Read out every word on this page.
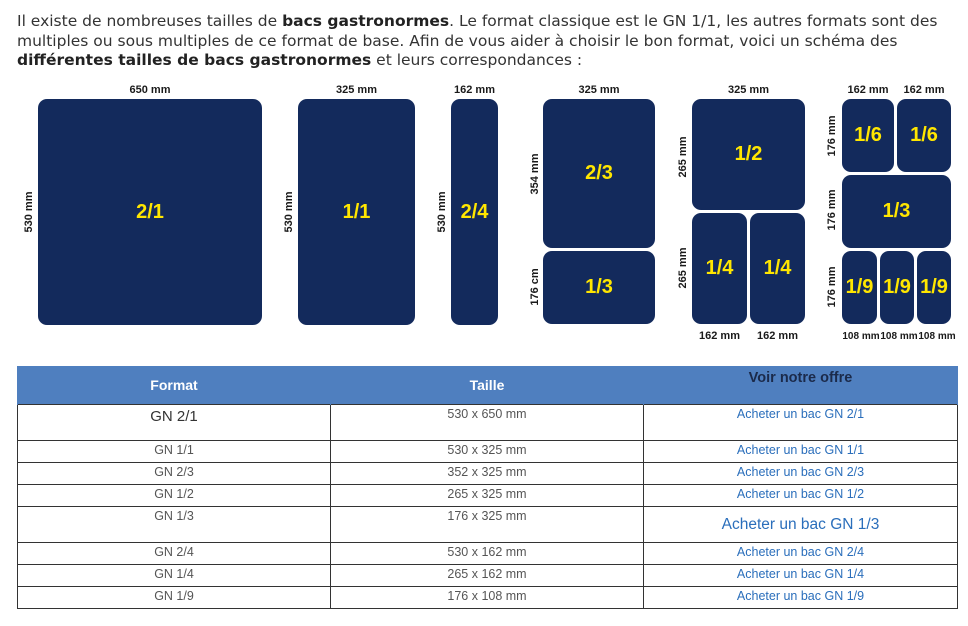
Il existe de nombreuses tailles de bacs gastronormes. Le format classique est le GN 1/1, les autres formats sont des multiples ou sous multiples de ce format de base. Afin de vous aider à choisir le bon format, voici un schéma des différentes tailles de bacs gastronormes et leurs correspondances :
650 mm
530 mm	2/1
325 mm
530 mm 1/1
162 mm
530 mm 2/4
325 mm
354 mm
176 cm
2/3
1/3
325 mm
265 mm
265 mm
1/2
1/4 1/4
162 mm	162 mm
162 mm	162 mm
176 mm
176 mm
176 mm
1/6 1/6
1/3
1/9 1/9 1/9
108 mm 108 mm 108 mm
Format	Taille	Voir notre offre
GN 2/1	530 x 650 mm	Acheter un bac GN 2/1
GN 1/1	530 x 325 mm	Acheter un bac GN 1/1
GN 2/3	352 x 325 mm	Acheter un bac GN 2/3
GN 1/2	265 x 325 mm	Acheter un bac GN 1/2
GN 1/3	176 x 325 mm	Acheter un bac GN 1/3
GN 2/4	530 x 162 mm	Acheter un bac GN 2/4
GN 1/4	265 x 162 mm	Acheter un bac GN 1/4
GN 1/9	176 x 108 mm	Acheter un bac GN 1/9
